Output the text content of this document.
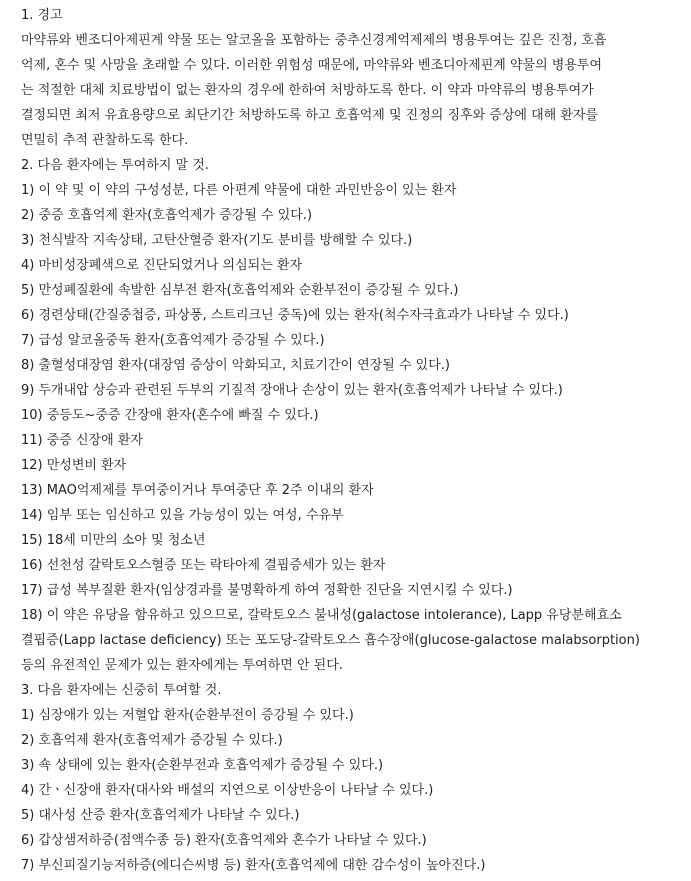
1. 경고
마약류와 벤조디아제핀계 약물 또는 알코올을 포함하는 중추신경계억제제의 병용투여는 깊은 진정, 호흡
억제, 혼수 및 사망을 초래할 수 있다. 이러한 위험성 때문에, 마약류와 벤조디아제핀계 약물의 병용투여
는 적절한 대체 치료방법이 없는 환자의 경우에 한하여 처방하도록 한다. 이 약과 마약류의 병용투여가
결정되면 최저 유효용량으로 최단기간 처방하도록 하고 호흡억제 및 진정의 징후와 증상에 대해 환자를
면밀히 추적 관찰하도록 한다.
2. 다음 환자에는 투여하지 말 것.
1) 이 약 및 이 약의 구성성분, 다른 아편계 약물에 대한 과민반응이 있는 환자
2) 중증 호흡억제 환자(호흡억제가 증강될 수 있다.)
3) 천식발작 지속상태, 고탄산혈증 환자(기도 분비를 방해할 수 있다.)
4) 마비성장폐색으로 진단되었거나 의심되는 환자
5) 만성폐질환에 속발한 심부전 환자(호흡억제와 순환부전이 증강될 수 있다.)
6) 경련상태(간질중첩증, 파상풍, 스트리크닌 중독)에 있는 환자(척수자극효과가 나타날 수 있다.)
7) 급성 알코올중독 환자(호흡억제가 증강될 수 있다.)
8) 출혈성대장염 환자(대장염 증상이 악화되고, 치료기간이 연장될 수 있다.)
9) 두개내압 상승과 관련된 두부의 기질적 장애나 손상이 있는 환자(호흡억제가 나타날 수 있다.)
10) 중등도~중증 간장애 환자(혼수에 빠질 수 있다.)
11) 중증 신장애 환자
12) 만성변비 환자
13) MAO억제제를 투여중이거나 투여중단 후 2주 이내의 환자
14) 임부 또는 임신하고 있을 가능성이 있는 여성, 수유부
15) 18세 미만의 소아 및 청소년
16) 선천성 갈락토오스혈증 또는 락타아제 결핍증세가 있는 환자
17) 급성 복부질환 환자(임상경과를 불명확하게 하여 정확한 진단을 지연시킬 수 있다.)
18) 이 약은 유당을 함유하고 있으므로, 갈락토오스 불내성(galactose intolerance), Lapp 유당분해효소
결핍증(Lapp lactase deficiency) 또는 포도당-갈락토오스 흡수장애(glucose-galactose malabsorption)
등의 유전적인 문제가 있는 환자에게는 투여하면 안 된다.
3. 다음 환자에는 신중히 투여할 것.
1) 심장애가 있는 저혈압 환자(순환부전이 증강될 수 있다.)
2) 호흡억제 환자(호흡억제가 증강될 수 있다.)
3) 쇽 상태에 있는 환자(순환부전과 호흡억제가 증강될 수 있다.)
4) 간ㆍ신장애 환자(대사와 배설의 지연으로 이상반응이 나타날 수 있다.)
5) 대사성 산증 환자(호흡억제가 나타날 수 있다.)
6) 갑상샘저하증(점액수종 등) 환자(호흡억제와 혼수가 나타날 수 있다.)
7) 부신피질기능저하증(에디슨씨병 등) 환자(호흡억제에 대한 감수성이 높아진다.)
